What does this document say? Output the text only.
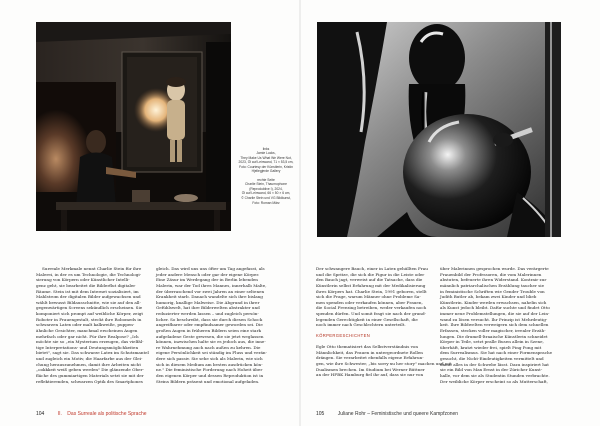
links
Jamie Lucks,
They Make Us What We Were Not,
2023, Öl auf Leinwand, 71 × 53,5 cm,
Foto: Courtesy der Künstlerin, Kristin
Hjellegjerde Gallery
rechte Seite
Charlie Stein, Thaumophone
(Reproduktive I), 2024,
Öl auf Leinwand, 66 × 50 × 6 cm,
© Charlie Stein und VG Bildkunst,
Foto: Roman März
Surreale Merkmale nennt Charlie Stein für ihre
Malerei, in der es um Technologie, die Technologi-
sierung von Körpern oder Künstlicher Intelli-
genz geht, sie bearbeitet die Bilderflut digitaler
Räume. Stein ist mit dem Internet sozialisiert, im
Mahlstrom der digitalen Bilder aufgewachsen und
wählt bewusst Bildausschnitte, wie sie auf den all-
gegenwärtigen Screens sekündlich erscheinen. Sie
komponiert sich prompt auf weibliche Körper, zeigt
Roboter in Frauengestalt, steckt ihre Robomeds in
schwarzen Latex oder malt kalkweiße, puppen-
ähnliche Gesichter, manchmal erscheinen Augen
mehrfach oder gar nicht. Für ihre Realpose? „Ich
möchte sie so „ein Mysterium erzeugen, das vielfäl-
tige Interpretations- und Deutungsmöglichkeiten
bietet", sagt sie. Das schwarze Latex im Schutzmantel
und zugleich ein Motiv, die Haarfarbe aus der Glei-
chung herauszunehmen, damit ihre Arbeiten nicht
„ookkkeit weiß geben werden" Die glänzende Ober-
fläche des gummiartigen Materials setzt sie mit der
reflektierenden, schwarzen Optik des Smartphones
gleich. Das wird uns uns öfter um Tag angefasst, als
jeder andere Mensch oder gar der eigene Körper.
Eine Zäsur im Werdegang der in Berlin lebenden
Malerin, war der Tod ihres Mannes, innerhalb Malte,
der überraschend vor zwei Jahren an einer seltenen
Krankheit starb. Danach wandelte sich ihre bislang
humorig, knallige Malweise. Die Abgrund in ihrer
Gefühlswelt, hat ihre Bilderwelten abstrakter und
reduzierter werden lassen – und zugleich persön-
licher. So beschreibt, dass sie durch diesen Schock
angreifbarer oder empfindsamer geworden sei. Die
großen Augen in früheren Bildern seien eine stark
aufgeladene Geste gewesen, die sie jetzt weglassen
können, inzwischen halte sie es jedoch aus, die inne-
re Wahrnehmung auch nach außen zu kehren. Die
eigene Persönlichkeit sei ständig im Fluss und verän-
dere sich passiv. Sie sehe sich als Malerin, wie sich
sich in diesem Medium am besten ausdrücken kön-
ne." Die feministische Forderung nach Hoheit über
den eigenen Körper und dessen Reproduktion ist in
Steins Bildern präsent und emotional aufgeladen.
Der schwangere Bauch, einer in Latex gehüllten Frau
und die Spritze, die sich die Figur in die Leiste oder
den Bauch jagt, verweist auf die Tatsache, dass die
Künstlerin selbst Erfahrung mit der Medikalisierung
ihres Körpers hat. Charlie Stein, 1991 geboren, stellt
sich die Frage, warum Männer ohne Probleme Sa-
men spenden oder verkaufen können, aber Frauen,
die Social Freezing betreiben, weder verkaufen noch
spenden dürfen. Und somit fragt sie nach der grund-
legenden Gerechtigkeit in einer Gesellschaft, die
noch immer nach Geschlechtern unterteilt.
KÖRPERGESCHICHTEN
Egle Otto thematisiert das Selbstverständnis von
Männlichkeit, das Frauen in untergeordnete Rollen
drängen. Sie verarbeitet ebenfalls eigene Erfahrun-
gen, wie ihre Schwester, „bis sorry xu her story" machen und mit
Dualismen brechen. Im Studium bei Werner Büttner
an der HFBK Hamburg fiel ihr auf, dass sie nur von
über Malerinnen gesprochen wurde. Das verärgerte
Frauenbild der Professoren, die vom Malerinnen
abstuten, befeuerte ihren Widerstand. Kontrair zur
männlich patriarchalischen Erzählung taucher sie
in feministische Schriften wie Gender Trouble von
Judith Butler ab, bekam zwei Kinder und blieb
Künstlerin. Kinder werden erwachsen, nahelin sich
als Kunst jedoch bleibt. Dafür suchte und findet Otto
immer neue Problemstellungen, die sie auf der Lein-
wand zu lösen versucht. Ihr Prinzip ist Mehrdeutig-
keit. Ihre Bildwelten verweigern sich dem schnellen
Erfassen, stecken voller magischer, irrealer Erzäh-
lungen. Die drumell-ltraaische Künstlerin schneidet
Körper in Teile, setzt pralle Busen allein in Szene,
überhäft, kratzt wieder frei, spielt Ping Pong mit
dem Surrealismus. Sie hat nach einer Formensprache
gesucht, die Nicht-Eindeutigkeiten vermittelt und
damit alles in der Schwebe lässt. Dazu inspiriert hat
sie ein Bild von Max Ernst in der Züricher Kunst-
halle, vor dem sie als Studentin Stunden verbrachte.
Der weibliche Körper erscheint so als Mutterschaft,
104	II. Das Surreale als politische Sprache	105	Juliane Rohr – Feministische und queere Kampfzonen
